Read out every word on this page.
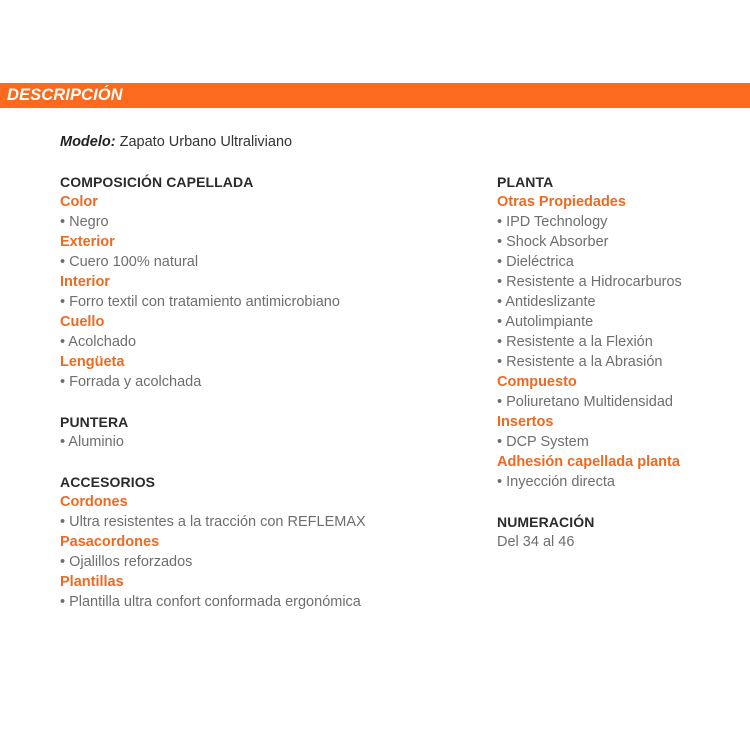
DESCRIPCIÓN
Modelo: Zapato Urbano Ultraliviano
COMPOSICIÓN CAPELLADA
Color
• Negro
Exterior
• Cuero 100% natural
Interior
• Forro textil con tratamiento antimicrobiano
Cuello
• Acolchado
Lengüeta
• Forrada y acolchada
PUNTERA
• Aluminio
ACCESORIOS
Cordones
• Ultra resistentes a la tracción con REFLEMAX
Pasacordones
• Ojalillos reforzados
Plantillas
• Plantilla ultra confort conformada ergonómica
PLANTA
Otras Propiedades
• IPD Technology
• Shock Absorber
• Dieléctrica
• Resistente a Hidrocarburos
• Antideslizante
• Autolimpiante
• Resistente a la Flexión
• Resistente a la Abrasión
Compuesto
• Poliuretano Multidensidad
Insertos
• DCP System
Adhesión capellada planta
• Inyección directa
NUMERACIÓN
Del 34 al 46
